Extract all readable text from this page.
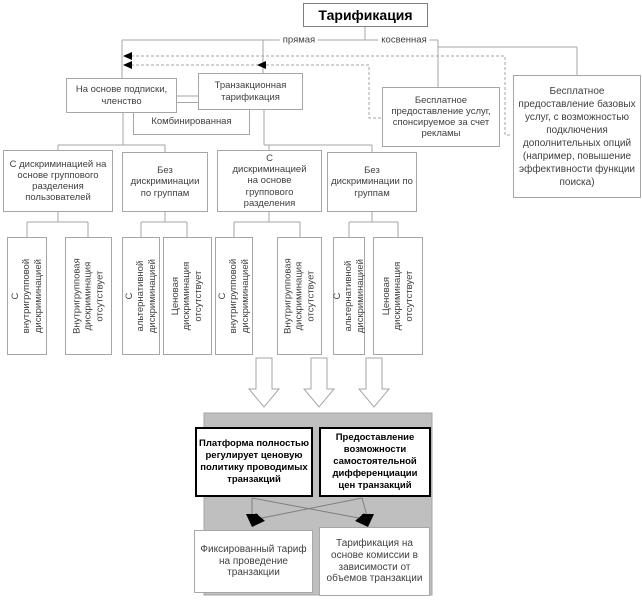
прямая	косвенная
Тарификация
Комбинированная
На основе подписки, членство
Транзакционная тарификация	Бесплатное предоставление услуг, спонсируемое за счет рекламы
Бесплатное предоставление базовых услуг, с возможностью подключения дополнительных опций (например, повышение эффективности функции поиска)
С дискриминацией на основе группового разделения пользователей
Без дискриминации по группам
С дискриминацией на основе группового разделения
Без дискриминации по группам
С внутригрупповой дискриминацией	Внутригрупповая дискриминация отсутствует С альтернативной дискриминацией Ценовая дискриминация отсутствует С внутригрупповой дискриминацией	Внутригрупповая дискриминация отсутствует С альтернативной дискриминацией Ценовая дискриминация отсутствует
Платформа полностью регулирует ценовую политику проводимых транзакций
Предоставление возможности самостоятельной дифференциации цен транзакций
Фиксированный тариф на проведение транзакции
Тарификация на основе комиссии в зависимости от объемов транзакции
